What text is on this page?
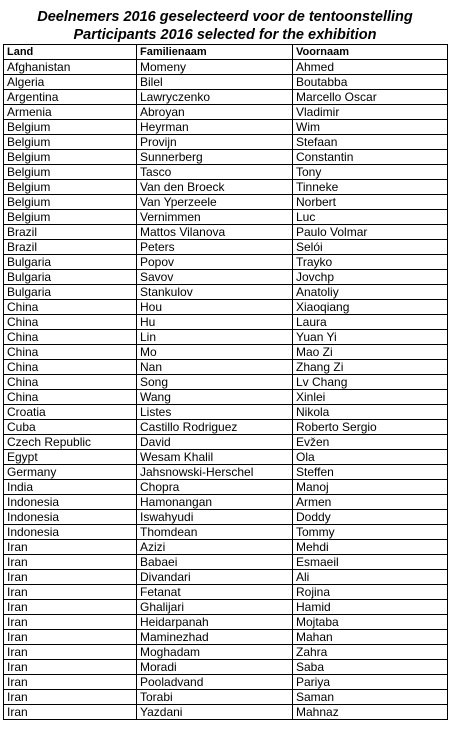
Deelnemers 2016 geselecteerd voor de tentoonstelling

Participants 2016 selected for the exhibition

Land	Familienaam	Voornaam
Afghanistan	Momeny	Ahmed
Algeria	Bilel	Boutabba
Argentina	Lawryczenko	Marcello Oscar
Armenia	Abroyan	Vladimir
Belgium	Heyrman	Wim
Belgium	Provijn	Stefaan
Belgium	Sunnerberg	Constantin
Belgium	Tasco	Tony
Belgium	Van den Broeck	Tinneke
Belgium	Van Yperzeele	Norbert
Belgium	Vernimmen	Luc
Brazil	Mattos Vilanova	Paulo Volmar
Brazil	Peters	Selói
Bulgaria	Popov	Trayko
Bulgaria	Savov	Jovchp
Bulgaria	Stankulov	Anatoliy
China	Hou	Xiaoqiang
China	Hu	Laura
China	Lin	Yuan Yi
China	Mo	Mao Zi
China	Nan	Zhang Zi
China	Song	Lv Chang
China	Wang	Xinlei
Croatia	Listes	Nikola
Cuba	Castillo Rodriguez	Roberto Sergio
Czech Republic	David	Evžen
Egypt	Wesam Khalil	Ola
Germany	Jahsnowski-Herschel	Steffen
India	Chopra	Manoj
Indonesia	Hamonangan	Armen
Indonesia	Iswahyudi	Doddy
Indonesia	Thomdean	Tommy
Iran	Azizi	Mehdi
Iran	Babaei	Esmaeil
Iran	Divandari	Ali
Iran	Fetanat	Rojina
Iran	Ghalijari	Hamid
Iran	Heidarpanah	Mojtaba
Iran	Maminezhad	Mahan
Iran	Moghadam	Zahra
Iran	Moradi	Saba
Iran	Pooladvand	Pariya
Iran	Torabi	Saman
Iran	Yazdani	Mahnaz
